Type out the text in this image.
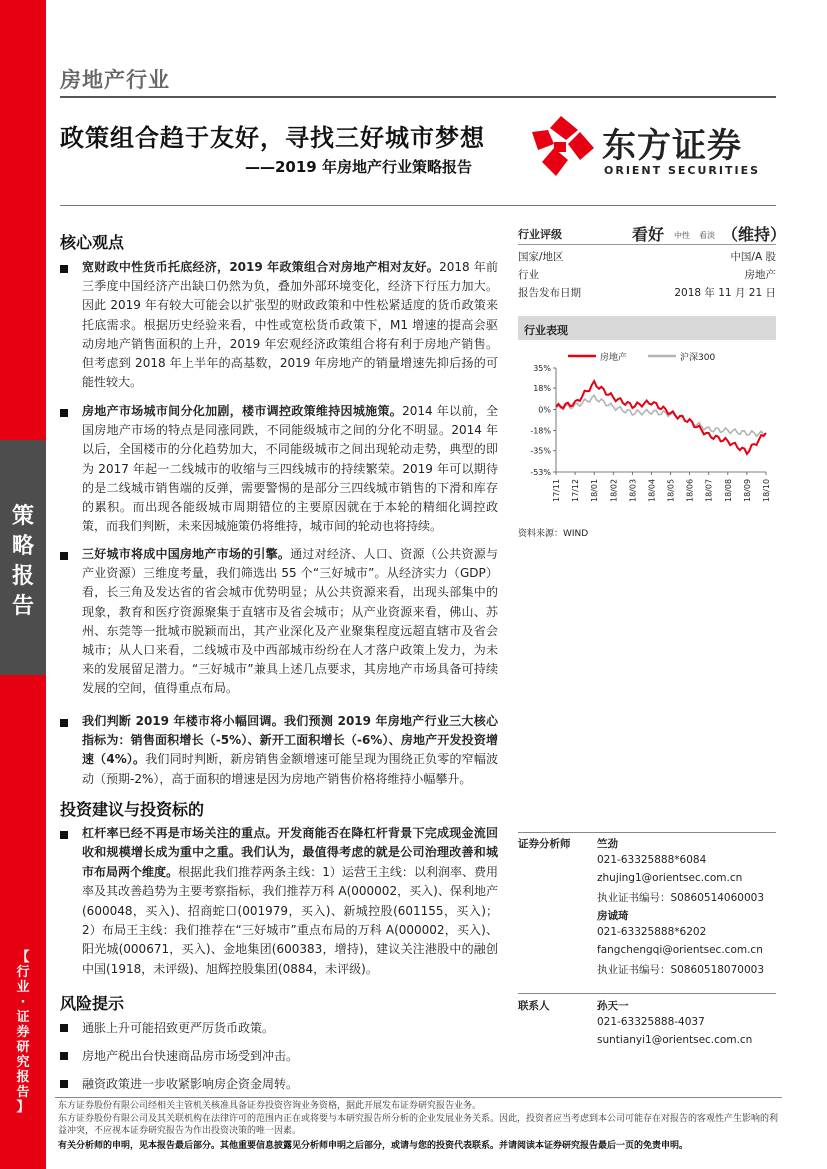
策
略
报
告
【
行
业
·
证
券
研
究
报
告
】
房地产行业
政策组合趋于友好，寻找三好城市梦想
——2019 年房地产行业策略报告
东方证券
ORIENT SECURITIES
核心观点
宽财政中性货币托底经济，2019 年政策组合对房地产相对友好。2018 年前三季度中国经济产出缺口仍然为负，叠加外部环境变化，经济下行压力加大。因此 2019 年有较大可能会以扩张型的财政政策和中性松紧适度的货币政策来托底需求。根据历史经验来看，中性或宽松货币政策下，M1 增速的提高会驱动房地产销售面积的上升，2019 年宏观经济政策组合将有利于房地产销售。但考虑到 2018 年上半年的高基数，2019 年房地产的销量增速先抑后扬的可能性较大。
房地产市场城市间分化加剧，楼市调控政策维持因城施策。2014 年以前，全国房地产市场的特点是同涨同跌，不同能级城市之间的分化不明显。2014 年以后，全国楼市的分化趋势加大，不同能级城市之间出现轮动走势，典型的即为 2017 年起一二线城市的收缩与三四线城市的持续繁荣。2019 年可以期待的是二线城市销售端的反弹，需要警惕的是部分三四线城市销售的下滑和库存的累积。而出现各能级城市周期错位的主要原因就在于本轮的精细化调控政策，而我们判断，未来因城施策仍将维持，城市间的轮动也将持续。
三好城市将成中国房地产市场的引擎。通过对经济、人口、资源（公共资源与产业资源）三维度考量，我们筛选出 55 个“三好城市”。从经济实力（GDP）看，长三角及发达省的省会城市优势明显；从公共资源来看，出现头部集中的现象，教育和医疗资源聚集于直辖市及省会城市；从产业资源来看，佛山、苏州、东莞等一批城市脱颖而出，其产业深化及产业聚集程度远超直辖市及省会城市；从人口来看，二线城市及中西部城市纷纷在人才落户政策上发力，为未来的发展留足潜力。“三好城市”兼具上述几点要求，其房地产市场具备可持续发展的空间，值得重点布局。
我们判断 2019 年楼市将小幅回调。我们预测 2019 年房地产行业三大核心指标为：销售面积增长（-5%）、新开工面积增长（-6%）、房地产开发投资增速（4%）。我们同时判断，新房销售金额增速可能呈现为围绕正负零的窄幅波动（预期-2%），高于面积的增速是因为房地产销售价格将维持小幅攀升。
投资建议与投资标的
杠杆率已经不再是市场关注的重点。开发商能否在降杠杆背景下完成现金流回收和规模增长成为重中之重。我们认为，最值得考虑的就是公司治理改善和城市布局两个维度。根据此我们推荐两条主线：1）运营王主线：以利润率、费用率及其改善趋势为主要考察指标，我们推荐万科 A(000002，买入)、保利地产(600048，买入)、招商蛇口(001979，买入)、新城控股(601155，买入)；2）布局王主线：我们推荐在“三好城市”重点布局的万科 A(000002，买入)、阳光城(000671，买入)、金地集团(600383，增持)，建议关注港股中的融创中国(1918，未评级)、旭辉控股集团(0884，未评级)。
风险提示
通胀上升可能招致更严厉货币政策。
房地产税出台快速商品房市场受到冲击。
融资政策进一步收紧影响房企资金周转。
行业评级	看好 中性 看淡 （维持）
国家/地区	中国/A 股
行业	房地产
报告发布日期	2018 年 11 月 21 日
行业表现
房地产	沪深300
35%
18%
0%
-18%
-35%
-53%
17/11 17/12 18/01 18/02 18/03 18/04 18/05 18/06 18/07 18/08 18/09 18/10
资料来源：WIND
证券分析师	竺劲
021-63325888*6084
zhujing1@orientsec.com.cn
执业证书编号：S0860514060003
房诚琦
021-63325888*6202
fangchengqi@orientsec.com.cn
执业证书编号：S0860518070003
联系人	孙天一
021-63325888-4037
suntianyi1@orientsec.com.cn
东方证券股份有限公司经相关主管机关核准具备证券投资咨询业务资格，据此开展发布证券研究报告业务。
东方证券股份有限公司及其关联机构在法律许可的范围内正在或将要与本研究报告所分析的企业发展业务关系。因此，投资者应当考虑到本公司可能存在对报告的客观性产生影响的利益冲突，不应视本证券研究报告为作出投资决策的唯一因素。
有关分析师的申明，见本报告最后部分。其他重要信息披露见分析师申明之后部分，或请与您的投资代表联系。并请阅读本证券研究报告最后一页的免责申明。
